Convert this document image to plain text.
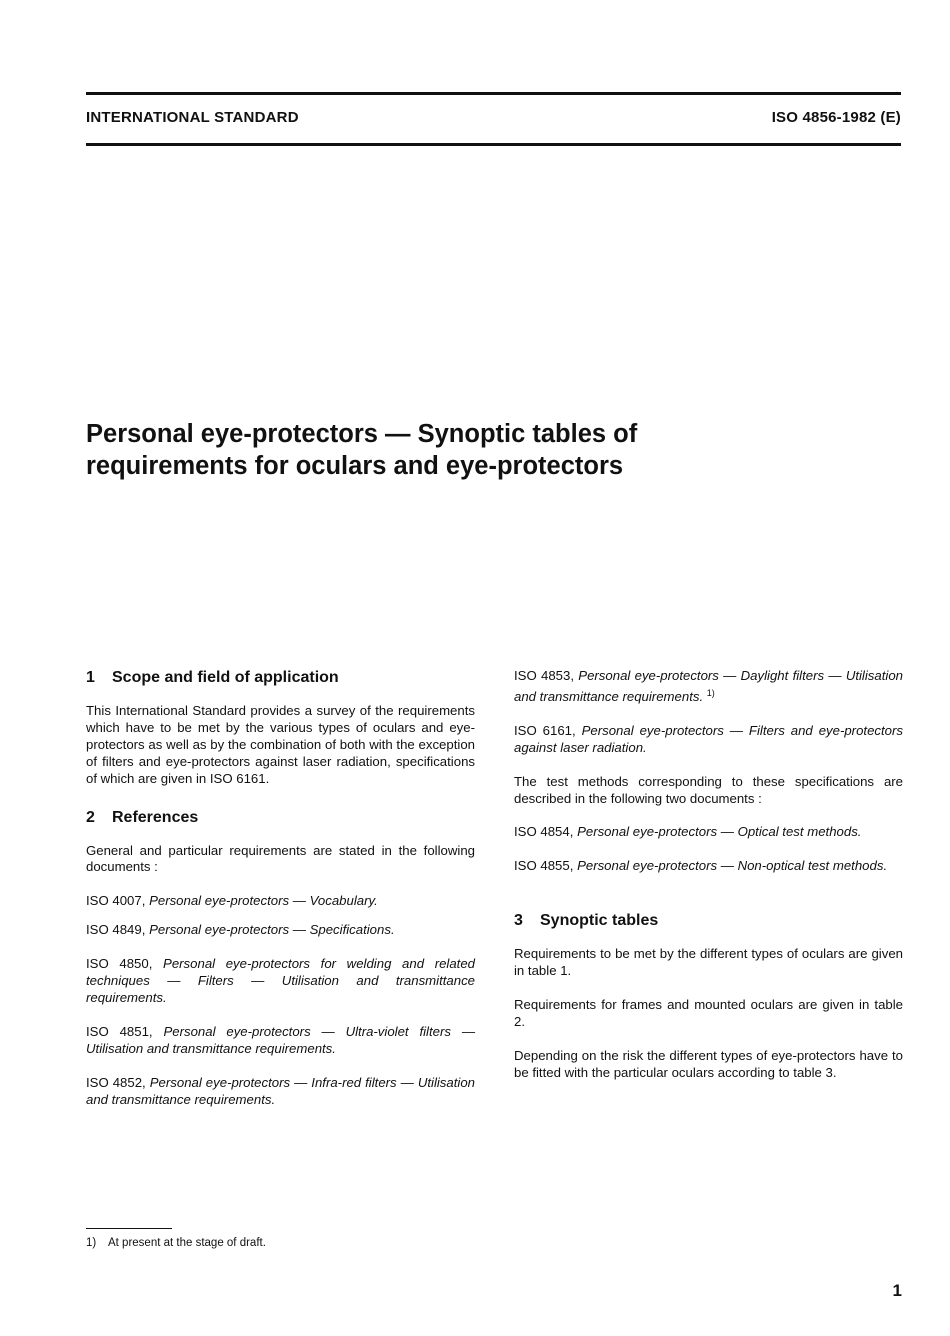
INTERNATIONAL STANDARD	ISO 4856-1982 (E)
Personal eye-protectors — Synoptic tables of
requirements for oculars and eye-protectors
1 Scope and field of application

This International Standard provides a survey of the requirements which have to be met by the various types of oculars and eye-protectors as well as by the combination of both with the exception of filters and eye-protectors against laser radiation, specifications of which are given in ISO 6161.

2 References

General and particular requirements are stated in the following documents :

ISO 4007, Personal eye-protectors — Vocabulary.

ISO 4849, Personal eye-protectors — Specifications.

ISO 4850, Personal eye-protectors for welding and related techniques — Filters — Utilisation and transmittance requirements.

ISO 4851, Personal eye-protectors — Ultra-violet filters — Utilisation and transmittance requirements.

ISO 4852, Personal eye-protectors — Infra-red filters — Utilisation and transmittance requirements.

ISO 4853, Personal eye-protectors — Daylight filters — Utilisation and transmittance requirements. $^{1)}$

ISO 6161, Personal eye-protectors — Filters and eye-protectors against laser radiation.

The test methods corresponding to these specifications are described in the following two documents :

ISO 4854, Personal eye-protectors — Optical test methods.

ISO 4855, Personal eye-protectors — Non-optical test methods.

3 Synoptic tables

Requirements to be met by the different types of oculars are given in table 1.

Requirements for frames and mounted oculars are given in table 2.

Depending on the risk the different types of eye-protectors have to be fitted with the particular oculars according to table 3.

1) At present at the stage of draft.
1
